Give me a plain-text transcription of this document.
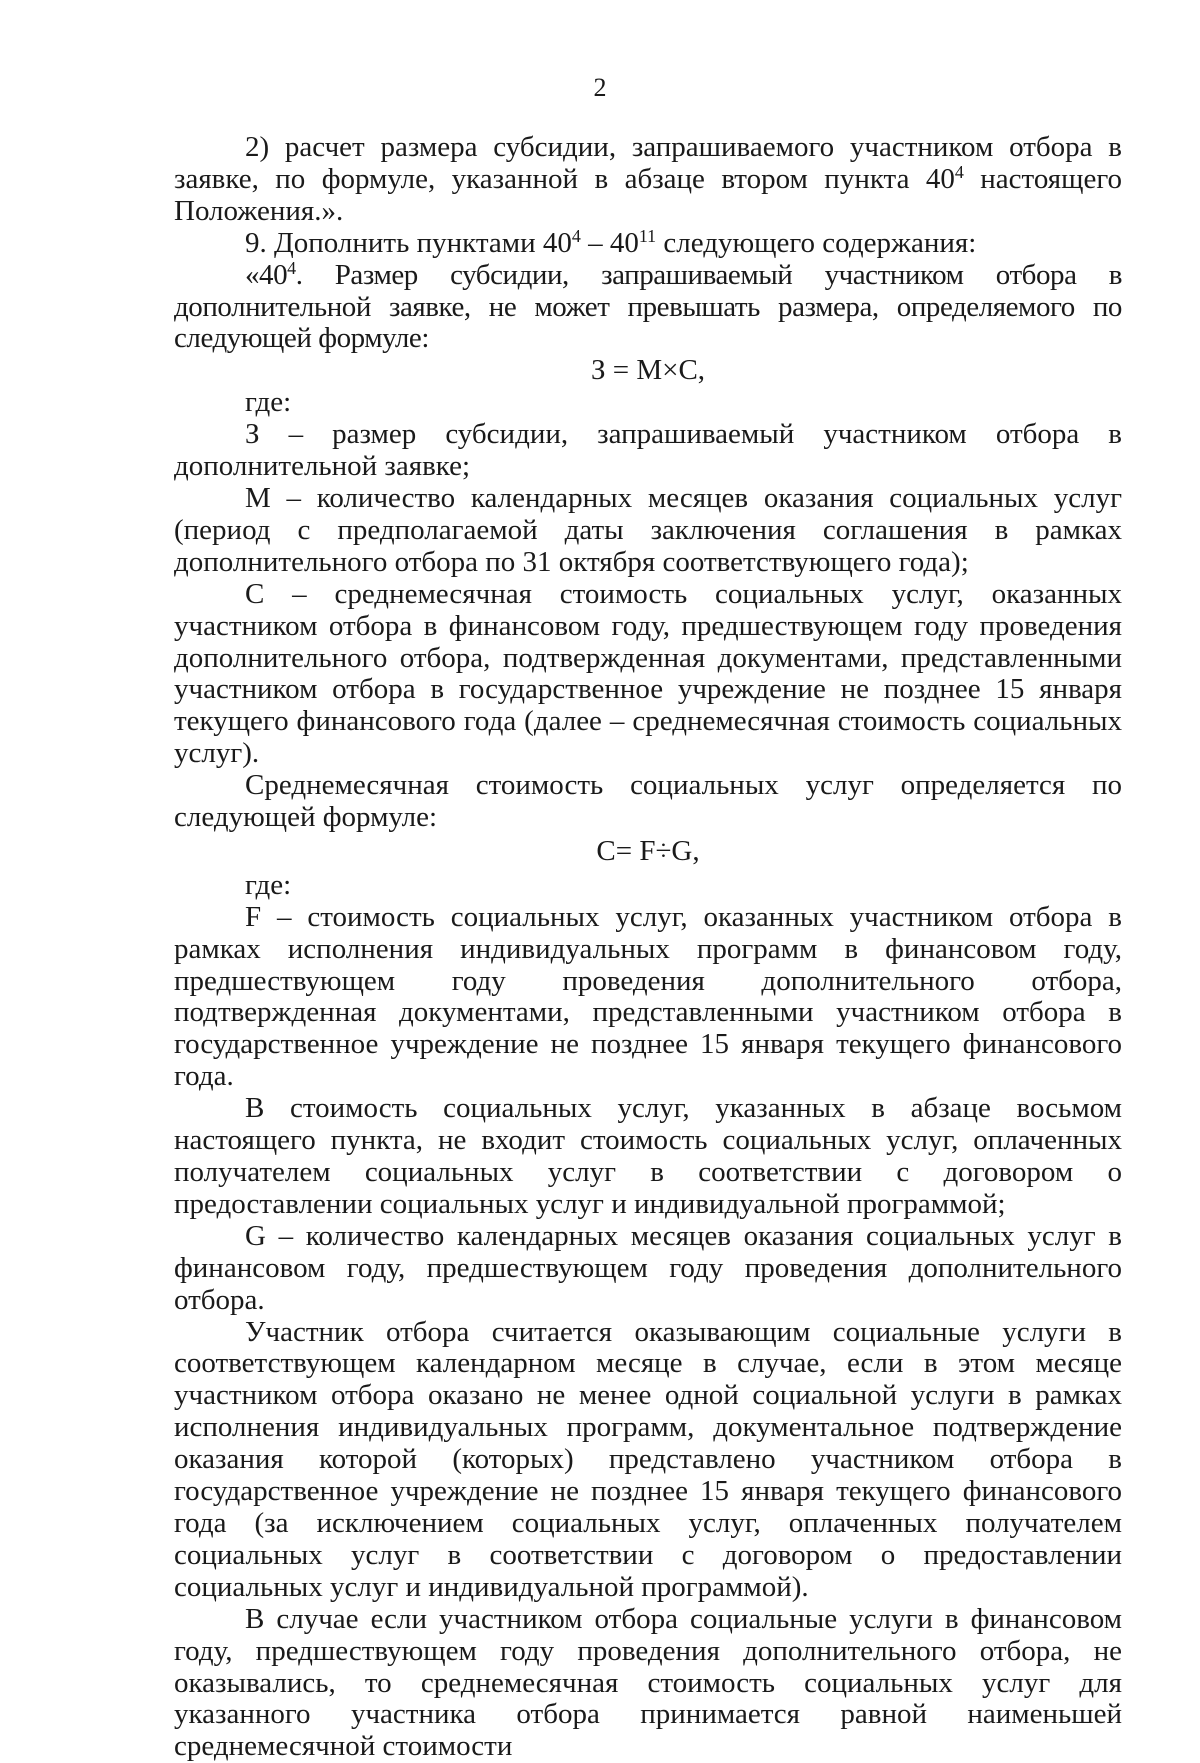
2

2) расчет размера субсидии, запрашиваемого участником отбора в заявке, по формуле, указанной в абзаце втором пункта $40^4$ настоящего Положения.».

9. Дополнить пунктами $40^4 - 40^{11}$ следующего содержания:

«$40^4$. Размер субсидии, запрашиваемый участником отбора в дополнительной заявке, не может превышать размера, определяемого по следующей формуле:

З = М×С,

где:

З – размер субсидии, запрашиваемый участником отбора в дополнительной заявке;

М – количество календарных месяцев оказания социальных услуг (период с предполагаемой даты заключения соглашения в рамках дополнительного отбора по 31 октября соответствующего года);

С – среднемесячная стоимость социальных услуг, оказанных участником отбора в финансовом году, предшествующем году проведения дополнительного отбора, подтвержденная документами, представленными участником отбора в государственное учреждение не позднее 15 января текущего финансового года (далее – среднемесячная стоимость социальных услуг).

Среднемесячная стоимость социальных услуг определяется по следующей формуле:

С= F÷G,

где:

F – стоимость социальных услуг, оказанных участником отбора в рамках исполнения индивидуальных программ в финансовом году, предшествующем году проведения дополнительного отбора, подтвержденная документами, представленными участником отбора в государственное учреждение не позднее 15 января текущего финансового года.

В стоимость социальных услуг, указанных в абзаце восьмом настоящего пункта, не входит стоимость социальных услуг, оплаченных получателем социальных услуг в соответствии с договором о предоставлении социальных услуг и индивидуальной программой;

G – количество календарных месяцев оказания социальных услуг в финансовом году, предшествующем году проведения дополнительного отбора.

Участник отбора считается оказывающим социальные услуги в соответствующем календарном месяце в случае, если в этом месяце участником отбора оказано не менее одной социальной услуги в рамках исполнения индивидуальных программ, документальное подтверждение оказания которой (которых) представлено участником отбора в государственное учреждение не позднее 15 января текущего финансового года (за исключением социальных услуг, оплаченных получателем социальных услуг в соответствии с договором о предоставлении социальных услуг и индивидуальной программой).

В случае если участником отбора социальные услуги в финансовом году, предшествующем году проведения дополнительного отбора, не оказывались, то среднемесячная стоимость социальных услуг для указанного участника отбора принимается равной наименьшей среднемесячной стоимости
